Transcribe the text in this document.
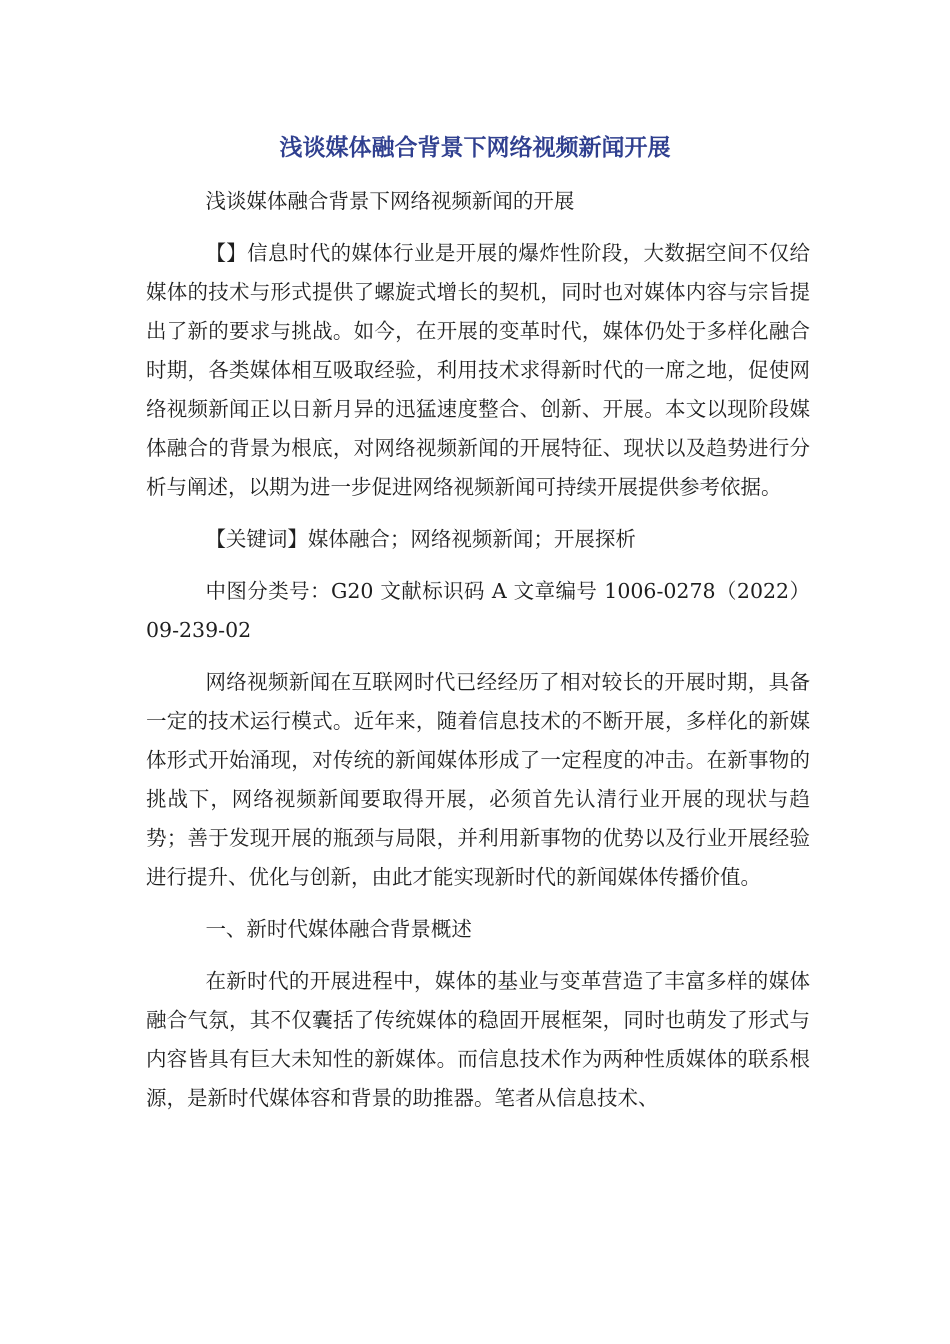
浅谈媒体融合背景下网络视频新闻开展

浅谈媒体融合背景下网络视频新闻的开展

【】信息时代的媒体行业是开展的爆炸性阶段，大数据空间不仅给媒体的技术与形式提供了螺旋式增长的契机，同时也对媒体内容与宗旨提出了新的要求与挑战。如今，在开展的变革时代，媒体仍处于多样化融合时期，各类媒体相互吸取经验，利用技术求得新时代的一席之地，促使网络视频新闻正以日新月异的迅猛速度整合、创新、开展。本文以现阶段媒体融合的背景为根底，对网络视频新闻的开展特征、现状以及趋势进行分析与阐述，以期为进一步促进网络视频新闻可持续开展提供参考依据。

【关键词】媒体融合；网络视频新闻；开展探析

中图分类号：G20 文献标识码 A 文章编号 1006-0278（2022）09-239-02

网络视频新闻在互联网时代已经经历了相对较长的开展时期，具备一定的技术运行模式。近年来，随着信息技术的不断开展，多样化的新媒体形式开始涌现，对传统的新闻媒体形成了一定程度的冲击。在新事物的挑战下，网络视频新闻要取得开展，必须首先认清行业开展的现状与趋势；善于发现开展的瓶颈与局限，并利用新事物的优势以及行业开展经验进行提升、优化与创新，由此才能实现新时代的新闻媒体传播价值。

一、新时代媒体融合背景概述

在新时代的开展进程中，媒体的基业与变革营造了丰富多样的媒体融合气氛，其不仅囊括了传统媒体的稳固开展框架，同时也萌发了形式与内容皆具有巨大未知性的新媒体。而信息技术作为两种性质媒体的联系根源，是新时代媒体容和背景的助推器。笔者从信息技术、
